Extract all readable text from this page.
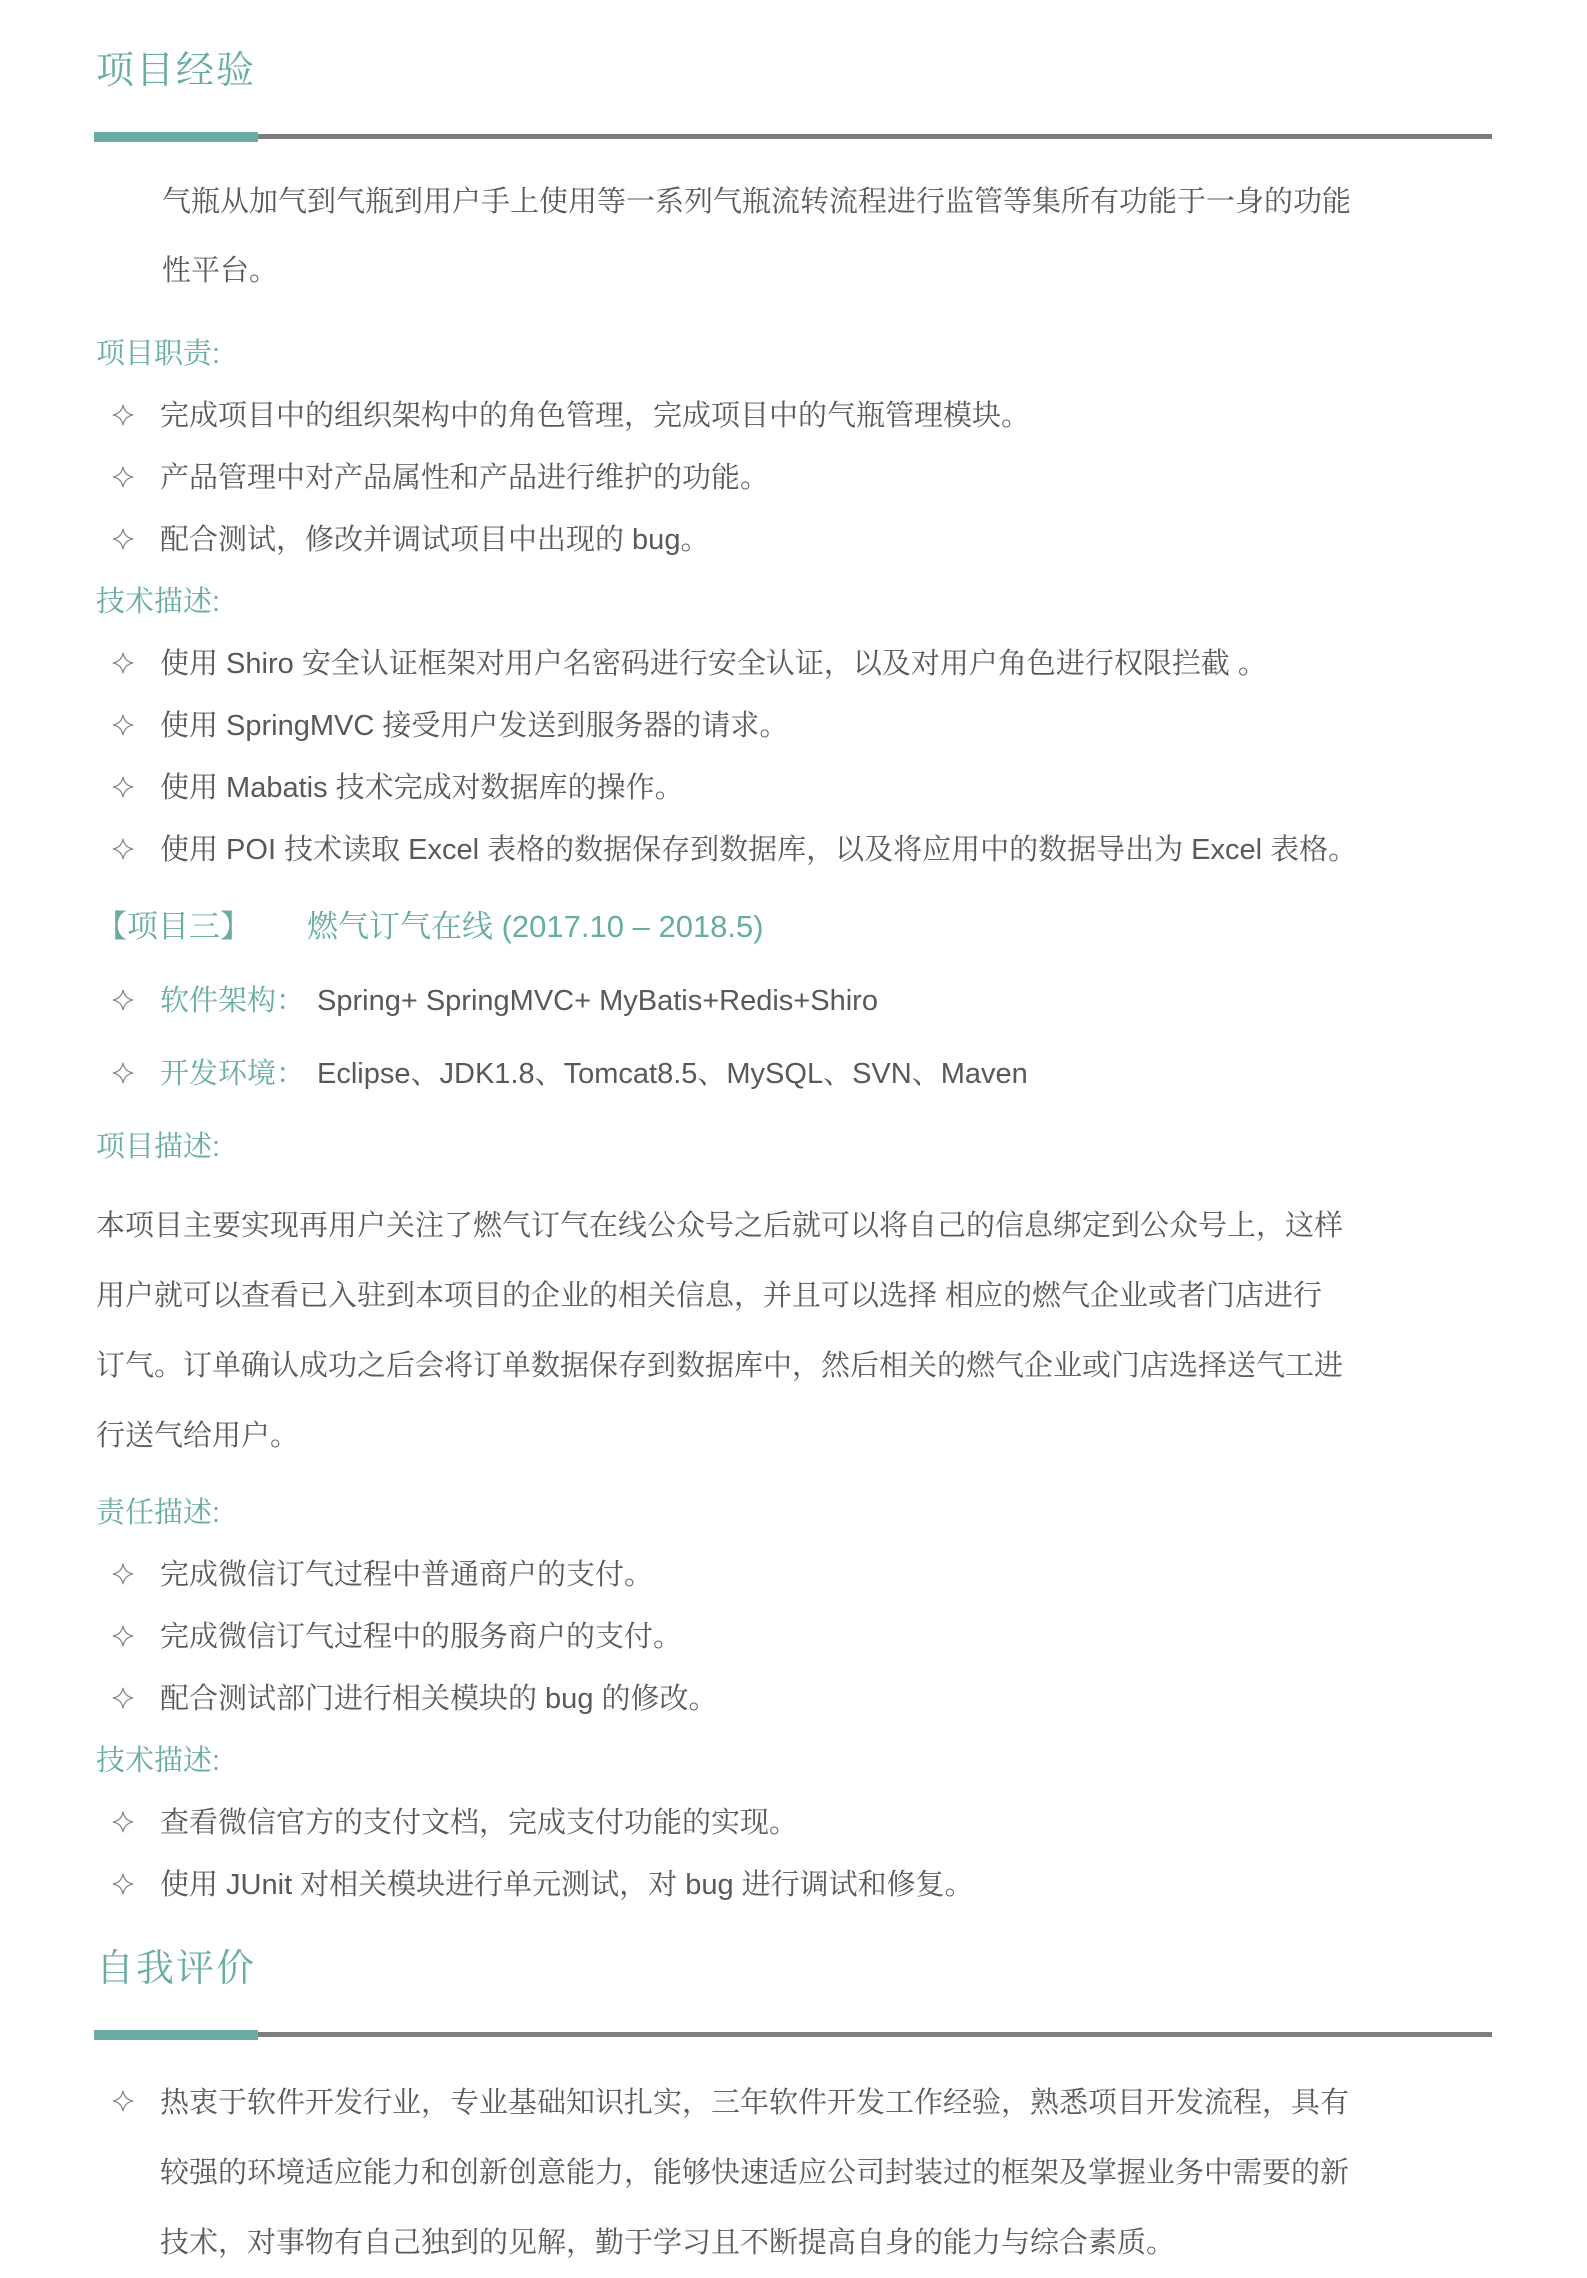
项目经验
气瓶从加气到气瓶到用户手上使用等一系列气瓶流转流程进行监管等集所有功能于一身的功能
性平台。
项目职责:
完成项目中的组织架构中的角色管理，完成项目中的气瓶管理模块。
产品管理中对产品属性和产品进行维护的功能。
配合测试，修改并调试项目中出现的 bug。
技术描述:
使用 Shiro 安全认证框架对用户名密码进行安全认证，以及对用户角色进行权限拦截 。
使用 SpringMVC 接受用户发送到服务器的请求。
使用 Mabatis 技术完成对数据库的操作。
使用 POI 技术读取 Excel 表格的数据保存到数据库，以及将应用中的数据导出为 Excel 表格。
【项目三】 燃气订气在线 (2017.10 – 2018.5)
软件架构： Spring+ SpringMVC+ MyBatis+Redis+Shiro
开发环境： Eclipse、JDK1.8、Tomcat8.5、MySQL、SVN、Maven
项目描述:
本项目主要实现再用户关注了燃气订气在线公众号之后就可以将自己的信息绑定到公众号上，这样
用户就可以查看已入驻到本项目的企业的相关信息，并且可以选择 相应的燃气企业或者门店进行
订气。订单确认成功之后会将订单数据保存到数据库中，然后相关的燃气企业或门店选择送气工进
行送气给用户。
责任描述:
完成微信订气过程中普通商户的支付。
完成微信订气过程中的服务商户的支付。
配合测试部门进行相关模块的 bug 的修改。
技术描述:
查看微信官方的支付文档，完成支付功能的实现。
使用 JUnit 对相关模块进行单元测试，对 bug 进行调试和修复。
自我评价
热衷于软件开发行业，专业基础知识扎实，三年软件开发工作经验，熟悉项目开发流程，具有
较强的环境适应能力和创新创意能力，能够快速适应公司封装过的框架及掌握业务中需要的新
技术，对事物有自己独到的见解，勤于学习且不断提高自身的能力与综合素质。
